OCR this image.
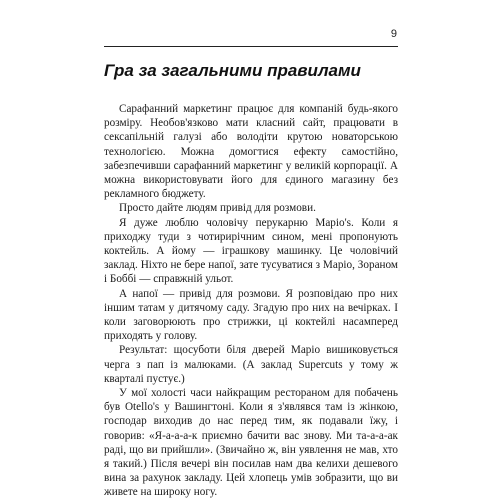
9
Гра за загальними правилами

Сарафанний маркетинг працює для компаній будь-якого розміру. Необов'язково мати класний сайт, працювати в сексапільній галузі або володіти крутою новаторською технологією. Можна домогтися ефекту самостійно, забезпечивши сарафанний маркетинг у великій корпорації. А можна використовувати його для єдиного магазину без рекламного бюджету.

Просто дайте людям привід для розмови.

Я дуже люблю чоловічу перукарню Маріо's. Коли я приходжу туди з чотирирічним сином, мені пропонують коктейль. А йому — іграшкову машинку. Це чоловічий заклад. Ніхто не бере напої, зате тусуватися з Маріо, Зораном і Боббі — справжній ульот.

А напої — привід для розмови. Я розповідаю про них іншим татам у дитячому саду. Згадую про них на вечірках. І коли заговорюють про стрижки, ці коктейлі насамперед приходять у голову.

Результат: щосуботи біля дверей Маріо вишиковується черга з пап із малюками. (А заклад Supercuts у тому ж кварталі пустує.)

У мої холості часи найкращим рестораном для побачень був Otello's у Вашингтоні. Коли я з'являвся там із жінкою, господар виходив до нас перед тим, як подавали їжу, і говорив: «Я-а-а-а-к приємно бачити вас знову. Ми та-а-а-ак раді, що ви прийшли». (Звичайно ж, він уявлення не мав, хто я такий.) Після вечері він посилав нам два келихи дешевого вина за рахунок закладу. Цей хлопець умів зобразити, що ви живете на широку ногу.
